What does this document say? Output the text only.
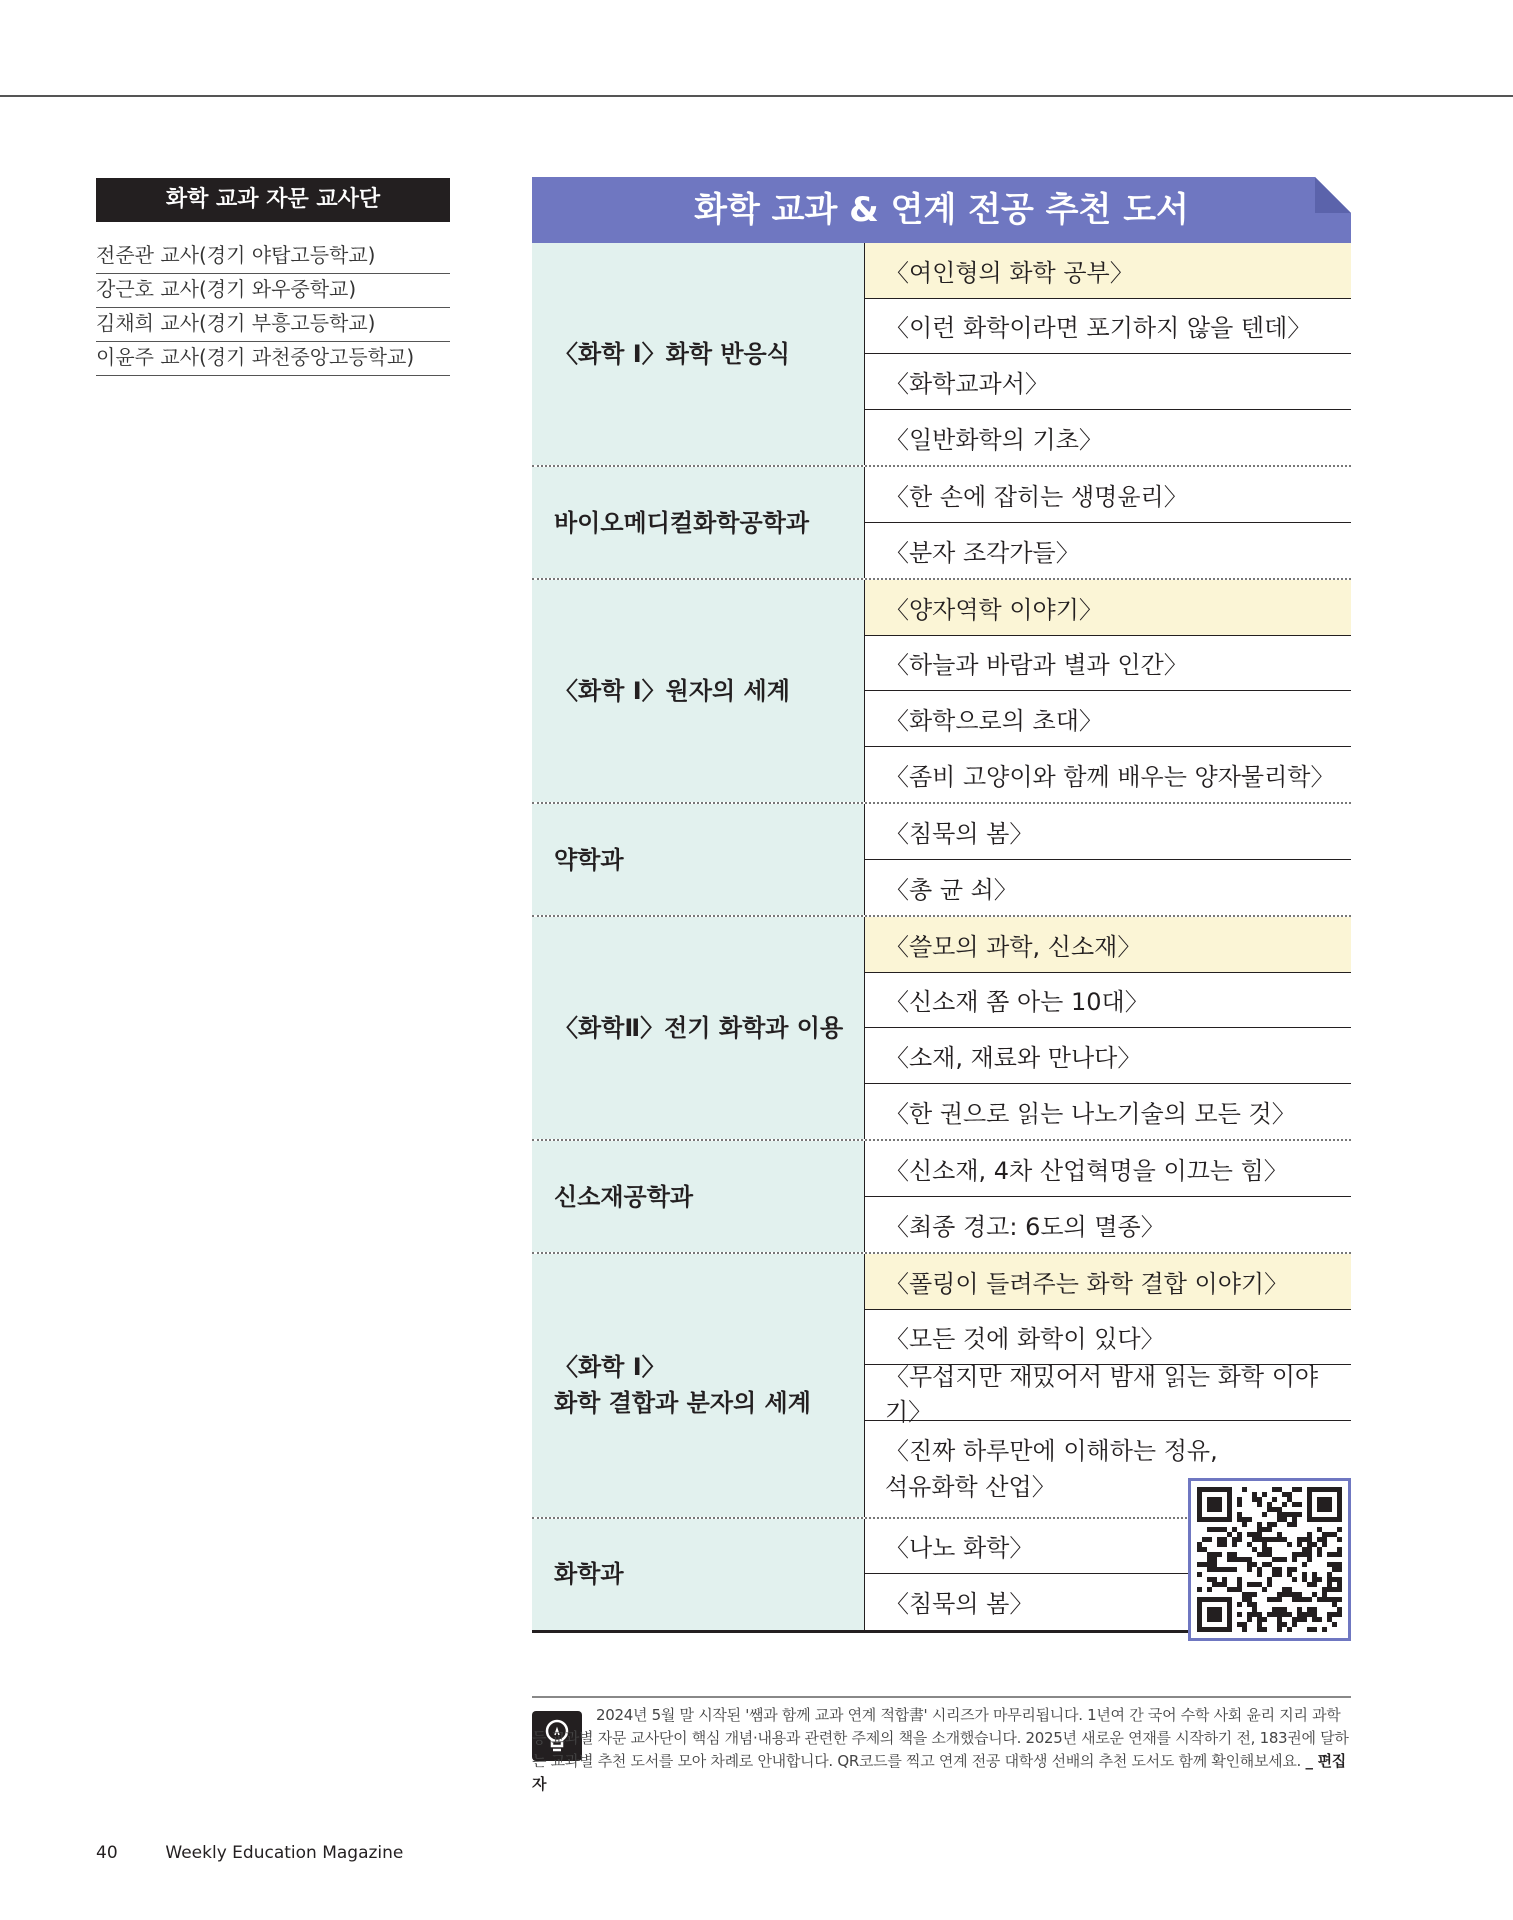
화학 교과 자문 교사단
전준관 교사(경기 야탑고등학교)
강근호 교사(경기 와우중학교)
김채희 교사(경기 부흥고등학교)
이윤주 교사(경기 과천중앙고등학교)
화학 교과 & 연계 전공 추천 도서
〈화학 Ⅰ〉화학 반응식
〈여인형의 화학 공부〉
〈이런 화학이라면 포기하지 않을 텐데〉
〈화학교과서〉
〈일반화학의 기초〉
바이오메디컬화학공학과
〈한 손에 잡히는 생명윤리〉
〈분자 조각가들〉
〈화학 Ⅰ〉원자의 세계
〈양자역학 이야기〉
〈하늘과 바람과 별과 인간〉
〈화학으로의 초대〉
〈좀비 고양이와 함께 배우는 양자물리학〉
약학과
〈침묵의 봄〉
〈총 균 쇠〉
〈화학Ⅱ〉전기 화학과 이용
〈쓸모의 과학, 신소재〉
〈신소재 쫌 아는 10대〉
〈소재, 재료와 만나다〉
〈한 권으로 읽는 나노기술의 모든 것〉
신소재공학과
〈신소재, 4차 산업혁명을 이끄는 힘〉
〈최종 경고: 6도의 멸종〉
〈화학 Ⅰ〉
화학 결합과 분자의 세계
〈폴링이 들려주는 화학 결합 이야기〉
〈모든 것에 화학이 있다〉
〈무섭지만 재밌어서 밤새 읽는 화학 이야기〉
〈진짜 하루만에 이해하는 정유,
석유화학 산업〉
화학과
〈나노 화학〉
〈침묵의 봄〉
2024년 5월 말 시작된 '쌤과 함께 교과 연계 적합書' 시리즈가 마무리됩니다. 1년여 간 국어 수학 사회 윤리 지리 과학 등 교과별 자문 교사단이 핵심 개념·내용과 관련한 주제의 책을 소개했습니다. 2025년 새로운 연재를 시작하기 전, 183권에 달하는 교과별 추천 도서를 모아 차례로 안내합니다. QR코드를 찍고 연계 전공 대학생 선배의 추천 도서도 함께 확인해보세요. _ 편집자
40	Weekly Education Magazine
